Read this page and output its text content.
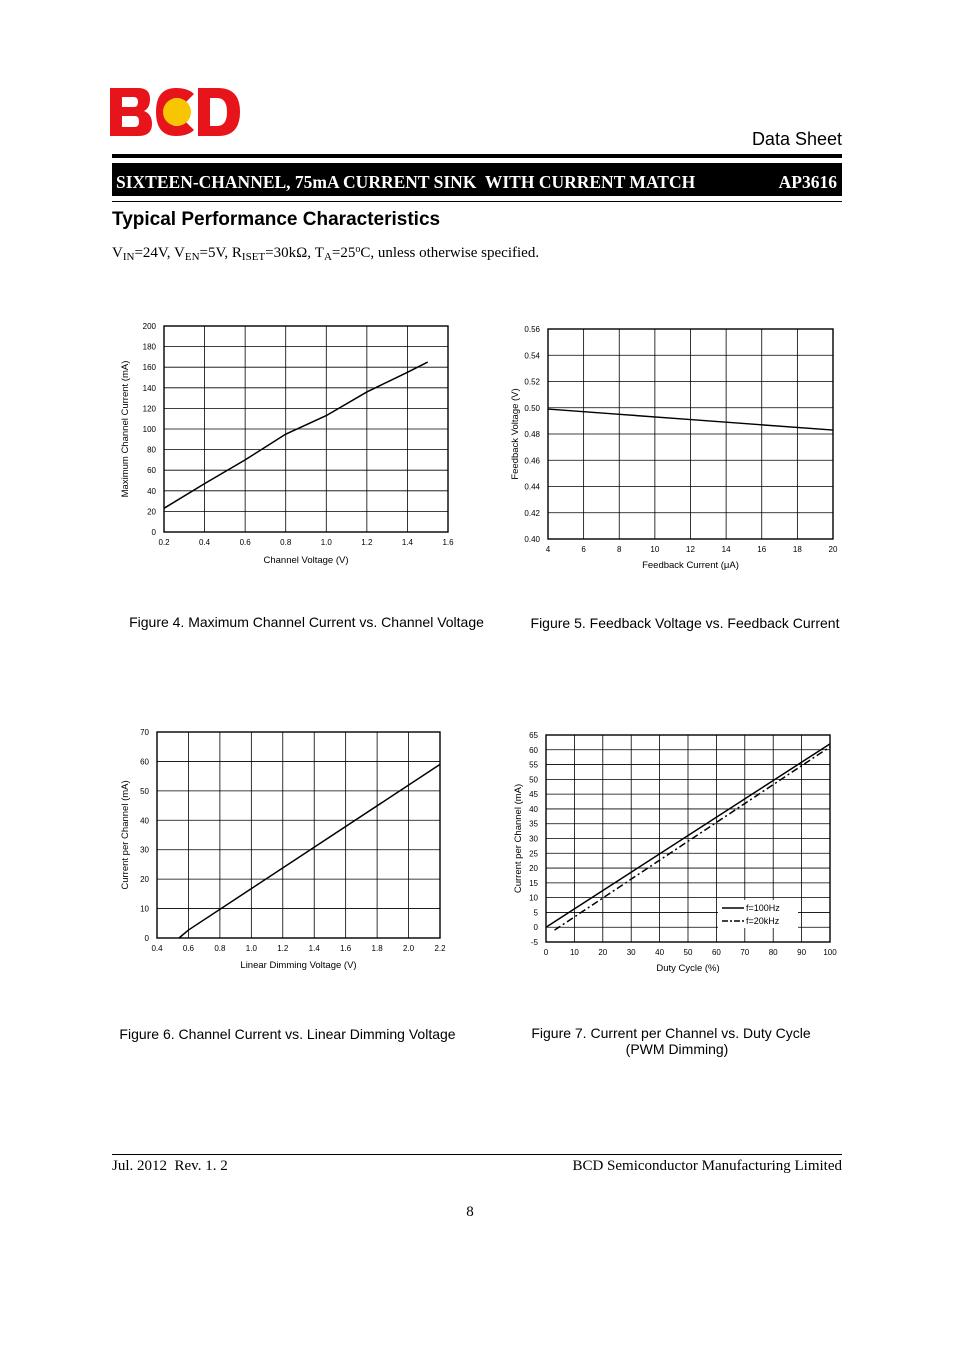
Data Sheet
SIXTEEN-CHANNEL, 75mA CURRENT SINK  WITH CURRENT MATCH	AP3616
Typical Performance Characteristics
$V_{IN}=24V$, $V_{EN}=5V$, $R_{ISET}=30k\Omega$, $T_A=25^oC$, unless otherwise specified.
0.2	0.4	0.6	0.8	1.0	1.2	1.4	1.6
0
20
40
60
80
100
120
140
160
180
200
Channel Voltage (V)
Maximum Channel Current (mA)
4	6	8	10	12	14	16	18	20
0.40
0.42
0.44
0.46
0.48
0.50
0.52
0.54
0.56
Feedback Current (μA)
Feedback Voltage (V)
0.4	0.6	0.8	1.0	1.2	1.4	1.6	1.8	2.0	2.2
0
10
20
30
40
50
60
70
Linear Dimming Voltage (V)
Current per Channel (mA)
0	10 20 30 40 50 60 70 80 90 100
-5
0
5
10
15
20
25
30
35
40
45
50
55
60
65
Duty Cycle (%)
Current per Channel (mA)
f=100Hz
f=20kHz
Figure 4. Maximum Channel Current vs. Channel Voltage	Figure 5. Feedback Voltage vs. Feedback Current
Figure 6. Channel Current vs. Linear Dimming Voltage	Figure 7. Current per Channel vs. Duty Cycle
(PWM Dimming)
Jul. 2012  Rev. 1. 2	BCD Semiconductor Manufacturing Limited
8
